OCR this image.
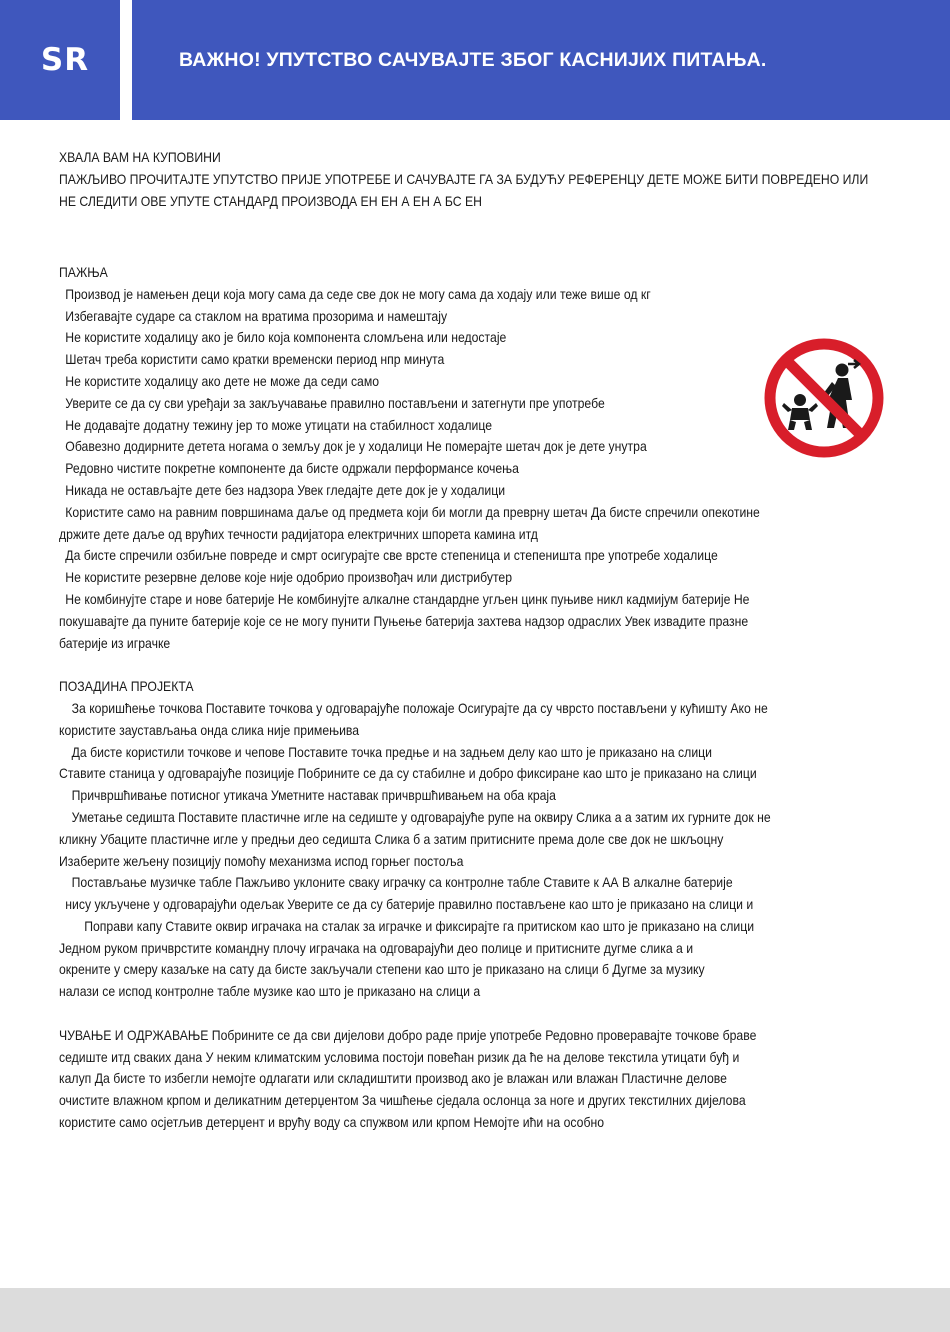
SR	ВАЖНО! УПУТСТВО САЧУВАЈТЕ ЗБОГ КАСНИЈИХ ПИТАЊА.
ХВАЛА ВАМ НА КУПОВИНИ
ПАЖЉИВО ПРОЧИТАЈТЕ УПУТСТВО ПРИЈЕ УПОТРЕБЕ И САЧУВАЈТЕ ГА ЗА БУДУЋУ РЕФЕРЕНЦУ ДЕТЕ МОЖЕ БИТИ ПОВРЕДЕНО ИЛИ
НЕ СЛЕДИТИ ОВЕ УПУТЕ СТАНДАРД ПРОИЗВОДА ЕН ЕН А ЕН А БС ЕН
ПАЖЊА
Производ је намењен деци која могу сама да седе све док не могу сама да ходају или теже више од кг
Избегавајте сударе са стаклом на вратима прозорима и намештају
Не користите ходалицу ако је било која компонента сломљена или недостаје
Шетач треба користити само кратки временски период нпр минута
Не користите ходалицу ако дете не може да седи само
Уверите се да су сви уређаји за закључавање правилно постављени и затегнути пре употребе
Не додавајте додатну тежину јер то може утицати на стабилност ходалице
Обавезно додирните детета ногама о земљу док је у ходалици Не померајте шетач док је дете унутра
Редовно чистите покретне компоненте да бисте одржали перформансе кочења
Никада не остављајте дете без надзора Увек гледајте дете док је у ходалици
Користите само на равним површинама даље од предмета који би могли да преврну шетач Да бисте спречили опекотине
држите дете даље од врућих течности радијатора електричних шпорета камина итд
Да бисте спречили озбиљне повреде и смрт осигурајте све врсте степеница и степеништа пре употребе ходалице
Не користите резервне делове које није одобрио произвођач или дистрибутер
Не комбинујте старе и нове батерије Не комбинујте алкалне стандардне угљен цинк пуњиве никл кадмијум батерије Не
покушавајте да пуните батерије које се не могу пунити Пуњење батерија захтева надзор одраслих Увек извадите празне
батерије из играчке
ПОЗАДИНА ПРОЈЕКТА
За коришћење точкова Поставите точкова у одговарајуће положаје Осигурајте да су чврсто постављени у кућишту Ако не
користите заустављања онда слика није примењива
Да бисте користили точкове и чепове Поставите точка предње и на задњем делу као што је приказано на слици
Ставите станица у одговарајуће позиције Побрините се да су стабилне и добро фиксиране као што је приказано на слици
Причвршћивање потисног утикача Уметните наставак причвршћивањем на оба краја
Уметање седишта Поставите пластичне игле на седиште у одговарајуће рупе на оквиру Слика а а затим их гурните док не
кликну Убаците пластичне игле у предњи део седишта Слика б а затим притисните према доле све док не шкљоцну
Изаберите жељену позицију помоћу механизма испод горњег постоља
Постављање музичке табле Пажљиво уклоните сваку играчку са контролне табле Ставите к АА В алкалне батерије
нису укључене у одговарајући одељак Уверите се да су батерије правилно постављене као што је приказано на слици и
Поправи капу Ставите оквир играчака на сталак за играчке и фиксирајте га притиском као што је приказано на слици
Једном руком причврстите командну плочу играчака на одговарајући део полице и притисните дугме слика а и
окрените у смеру казаљке на сату да бисте закључали степени као што је приказано на слици б Дугме за музику
налази се испод контролне табле музике као што је приказано на слици а
ЧУВАЊЕ И ОДРЖАВАЊЕ Побрините се да сви дијелови добро раде прије употребе Редовно проверавајте точкове браве
седиште итд сваких дана У неким климатским условима постоји повећан ризик да ће на делове текстила утицати буђ и
калуп Да бисте то избегли немојте одлагати или складиштити производ ако је влажан или влажан Пластичне делове
очистите влажном крпом и деликатним детерџентом За чишћење сједала ослонца за ноге и других текстилних дијелова
користите само осјетљив детерџент и врућу воду са спужвом или крпом Немојте ићи на особно
